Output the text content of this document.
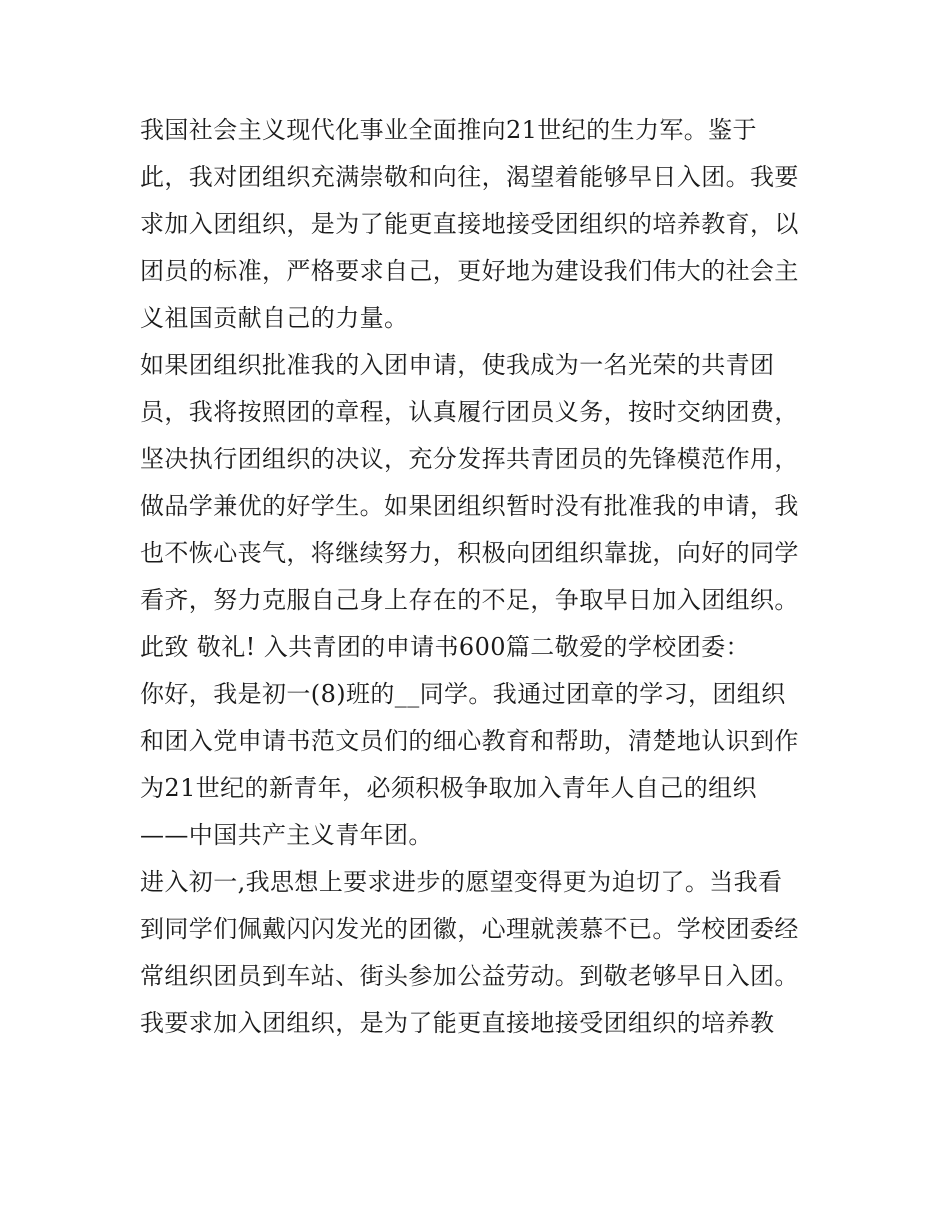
我国社会主义现代化事业全面推向21世纪的生力军。鉴于
此，我对团组织充满崇敬和向往，渴望着能够早日入团。我要
求加入团组织，是为了能更直接地接受团组织的培养教育，以
团员的标准，严格要求自己，更好地为建设我们伟大的社会主
义祖国贡献自己的力量。
如果团组织批准我的入团申请，使我成为一名光荣的共青团
员，我将按照团的章程，认真履行团员义务，按时交纳团费，
坚决执行团组织的决议，充分发挥共青团员的先锋模范作用，
做品学兼优的好学生。如果团组织暂时没有批准我的申请，我
也不恢心丧气，将继续努力，积极向团组织靠拢，向好的同学
看齐，努力克服自己身上存在的不足，争取早日加入团组织。
此致 敬礼! 入共青团的申请书600篇二敬爱的学校团委：
你好，我是初一(8)班的__同学。我通过团章的学习，团组织
和团入党申请书范文员们的细心教育和帮助，清楚地认识到作
为21世纪的新青年，必须积极争取加入青年人自己的组织
——中国共产主义青年团。
进入初一,我思想上要求进步的愿望变得更为迫切了。当我看
到同学们佩戴闪闪发光的团徽，心理就羡慕不已。学校团委经
常组织团员到车站、街头参加公益劳动。到敬老够早日入团。
我要求加入团组织，是为了能更直接地接受团组织的培养教
